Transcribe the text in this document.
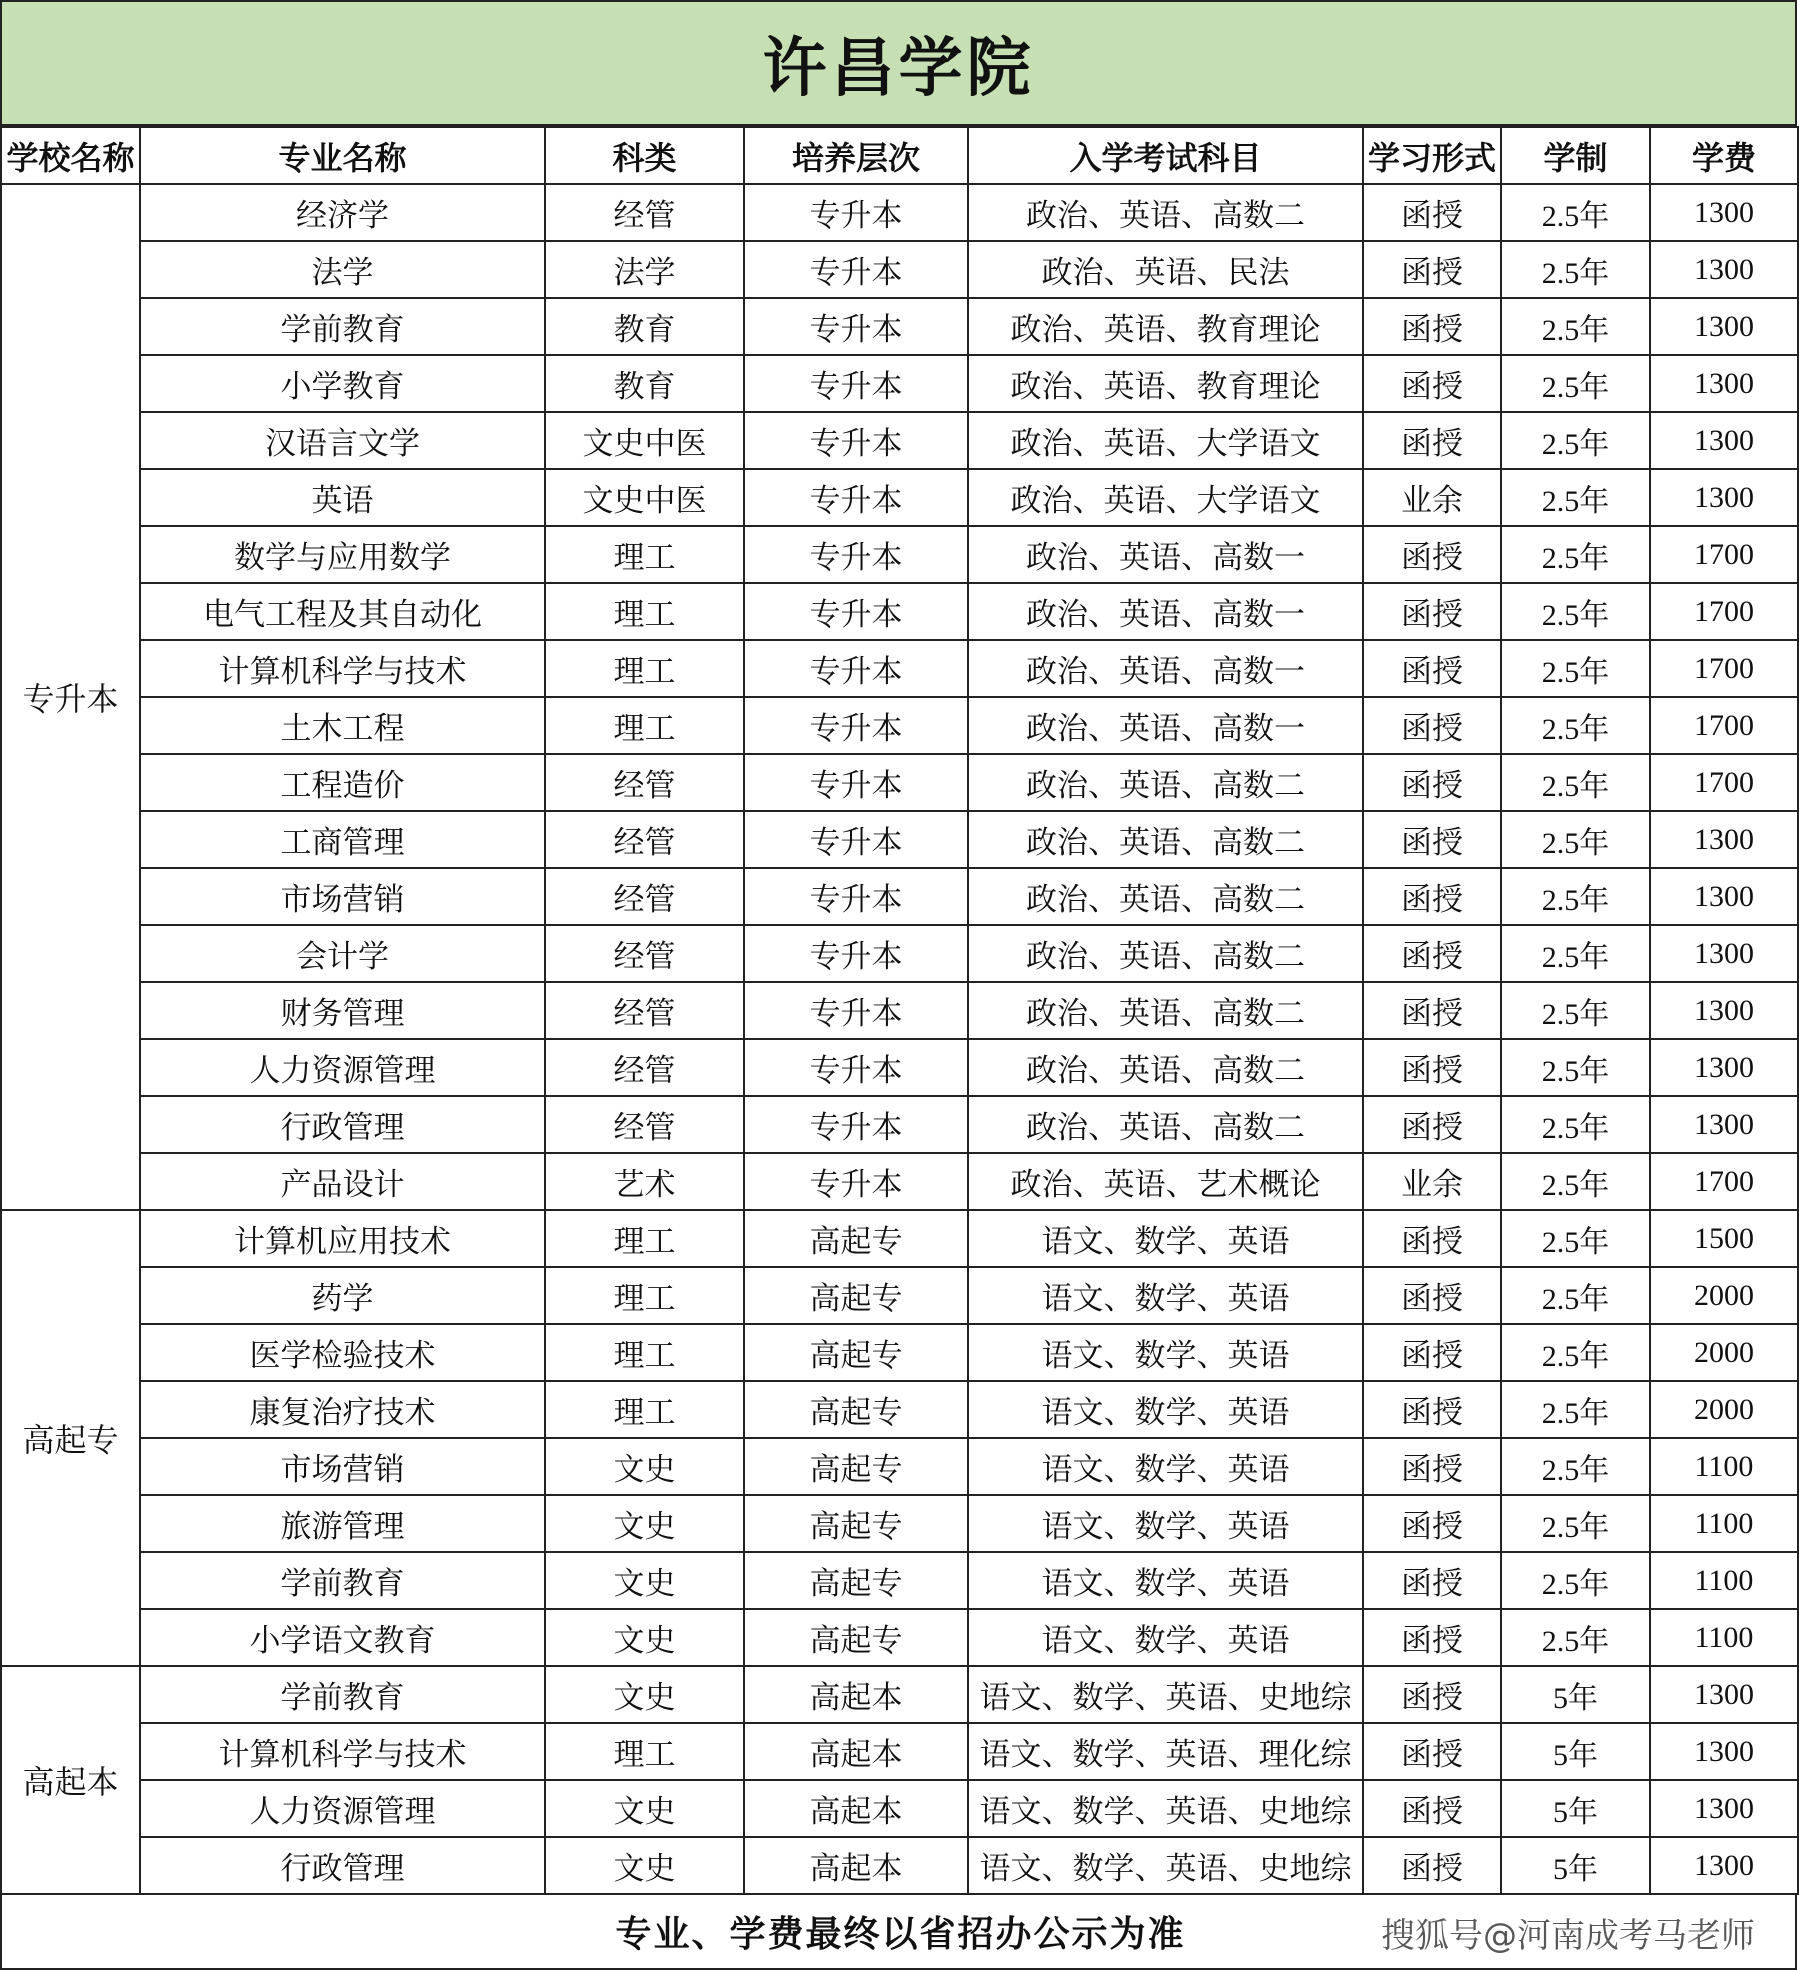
许昌学院
学校名称	专业名称	科类	培养层次	入学考试科目	学习形式	学制	学费
专升本	经济学	经管	专升本	政治、英语、高数二	函授	2.5年	1300
	法学	法学	专升本	政治、英语、民法	函授	2.5年	1300
	学前教育	教育	专升本	政治、英语、教育理论	函授	2.5年	1300
	小学教育	教育	专升本	政治、英语、教育理论	函授	2.5年	1300
	汉语言文学	文史中医	专升本	政治、英语、大学语文	函授	2.5年	1300
	英语	文史中医	专升本	政治、英语、大学语文	业余	2.5年	1300
	数学与应用数学	理工	专升本	政治、英语、高数一	函授	2.5年	1700
	电气工程及其自动化	理工	专升本	政治、英语、高数一	函授	2.5年	1700
	计算机科学与技术	理工	专升本	政治、英语、高数一	函授	2.5年	1700
	土木工程	理工	专升本	政治、英语、高数一	函授	2.5年	1700
	工程造价	经管	专升本	政治、英语、高数二	函授	2.5年	1700
	工商管理	经管	专升本	政治、英语、高数二	函授	2.5年	1300
	市场营销	经管	专升本	政治、英语、高数二	函授	2.5年	1300
	会计学	经管	专升本	政治、英语、高数二	函授	2.5年	1300
	财务管理	经管	专升本	政治、英语、高数二	函授	2.5年	1300
	人力资源管理	经管	专升本	政治、英语、高数二	函授	2.5年	1300
	行政管理	经管	专升本	政治、英语、高数二	函授	2.5年	1300
	产品设计	艺术	专升本	政治、英语、艺术概论	业余	2.5年	1700
高起专	计算机应用技术	理工	高起专	语文、数学、英语	函授	2.5年	1500
	药学	理工	高起专	语文、数学、英语	函授	2.5年	2000
	医学检验技术	理工	高起专	语文、数学、英语	函授	2.5年	2000
	康复治疗技术	理工	高起专	语文、数学、英语	函授	2.5年	2000
	市场营销	文史	高起专	语文、数学、英语	函授	2.5年	1100
	旅游管理	文史	高起专	语文、数学、英语	函授	2.5年	1100
	学前教育	文史	高起专	语文、数学、英语	函授	2.5年	1100
	小学语文教育	文史	高起专	语文、数学、英语	函授	2.5年	1100
高起本	学前教育	文史	高起本	语文、数学、英语、史地综	函授	5年	1300
	计算机科学与技术	理工	高起本	语文、数学、英语、理化综	函授	5年	1300
	人力资源管理	文史	高起本	语文、数学、英语、史地综	函授	5年	1300
	行政管理	文史	高起本	语文、数学、英语、史地综	函授	5年	1300
专业、学费最终以省招办公示为准	搜狐号@河南成考马老师
